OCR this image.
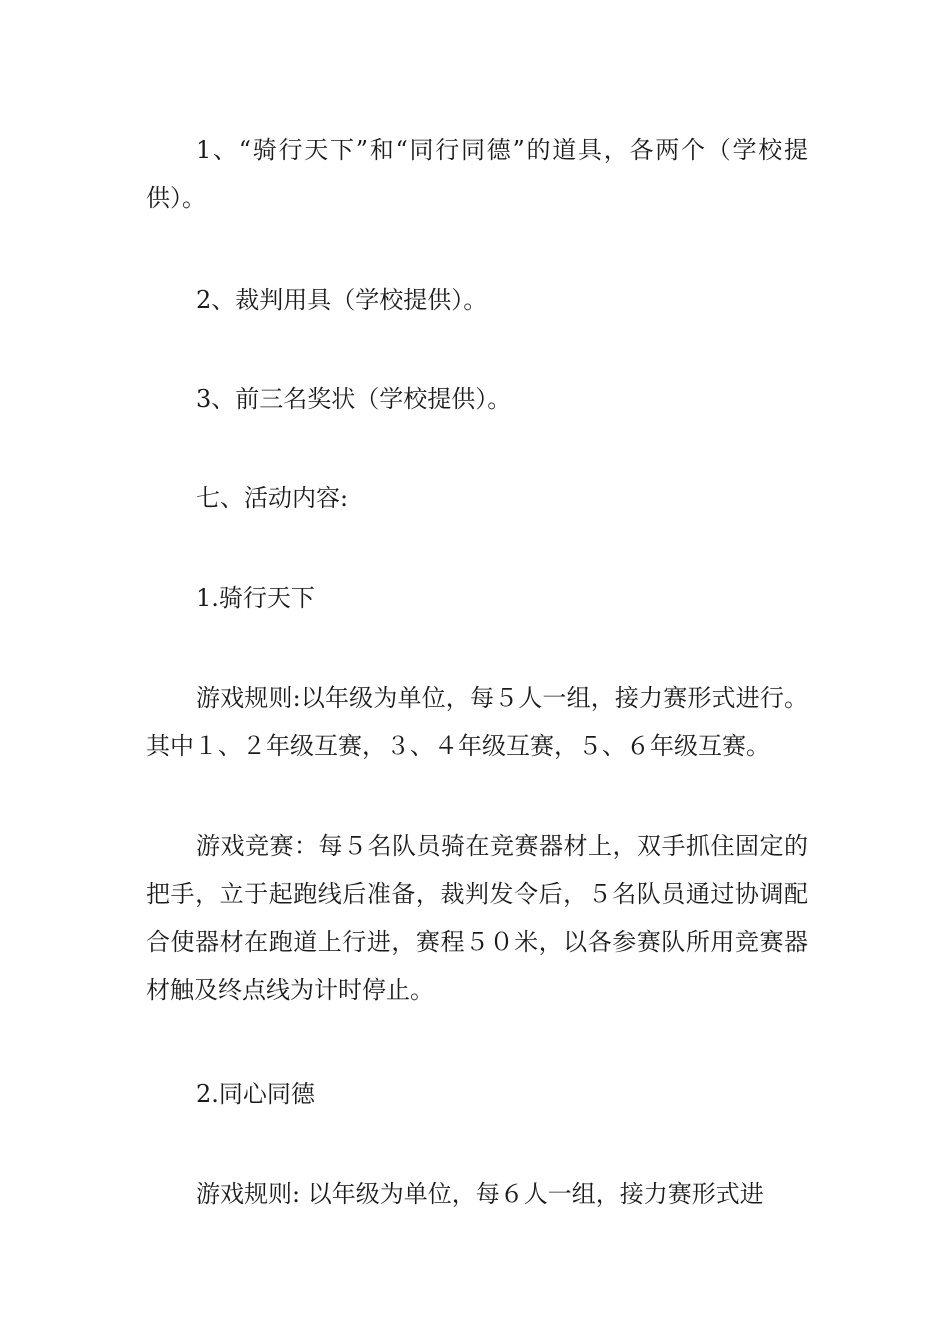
1、“骑行天下”和“同行同德”的道具，各两个（学校提供）。

2、裁判用具（学校提供）。

3、前三名奖状（学校提供）。

七、活动内容:

1.骑行天下

游戏规则:以年级为单位，每５人一组，接力赛形式进行。其中１、２年级互赛，３、４年级互赛，５、６年级互赛。

游戏竞赛：每５名队员骑在竞赛器材上，双手抓住固定的把手，立于起跑线后准备，裁判发令后，５名队员通过协调配合使器材在跑道上行进，赛程５０米，以各参赛队所用竞赛器材触及终点线为计时停止。

2.同心同德

游戏规则: 以年级为单位，每６人一组，接力赛形式进
